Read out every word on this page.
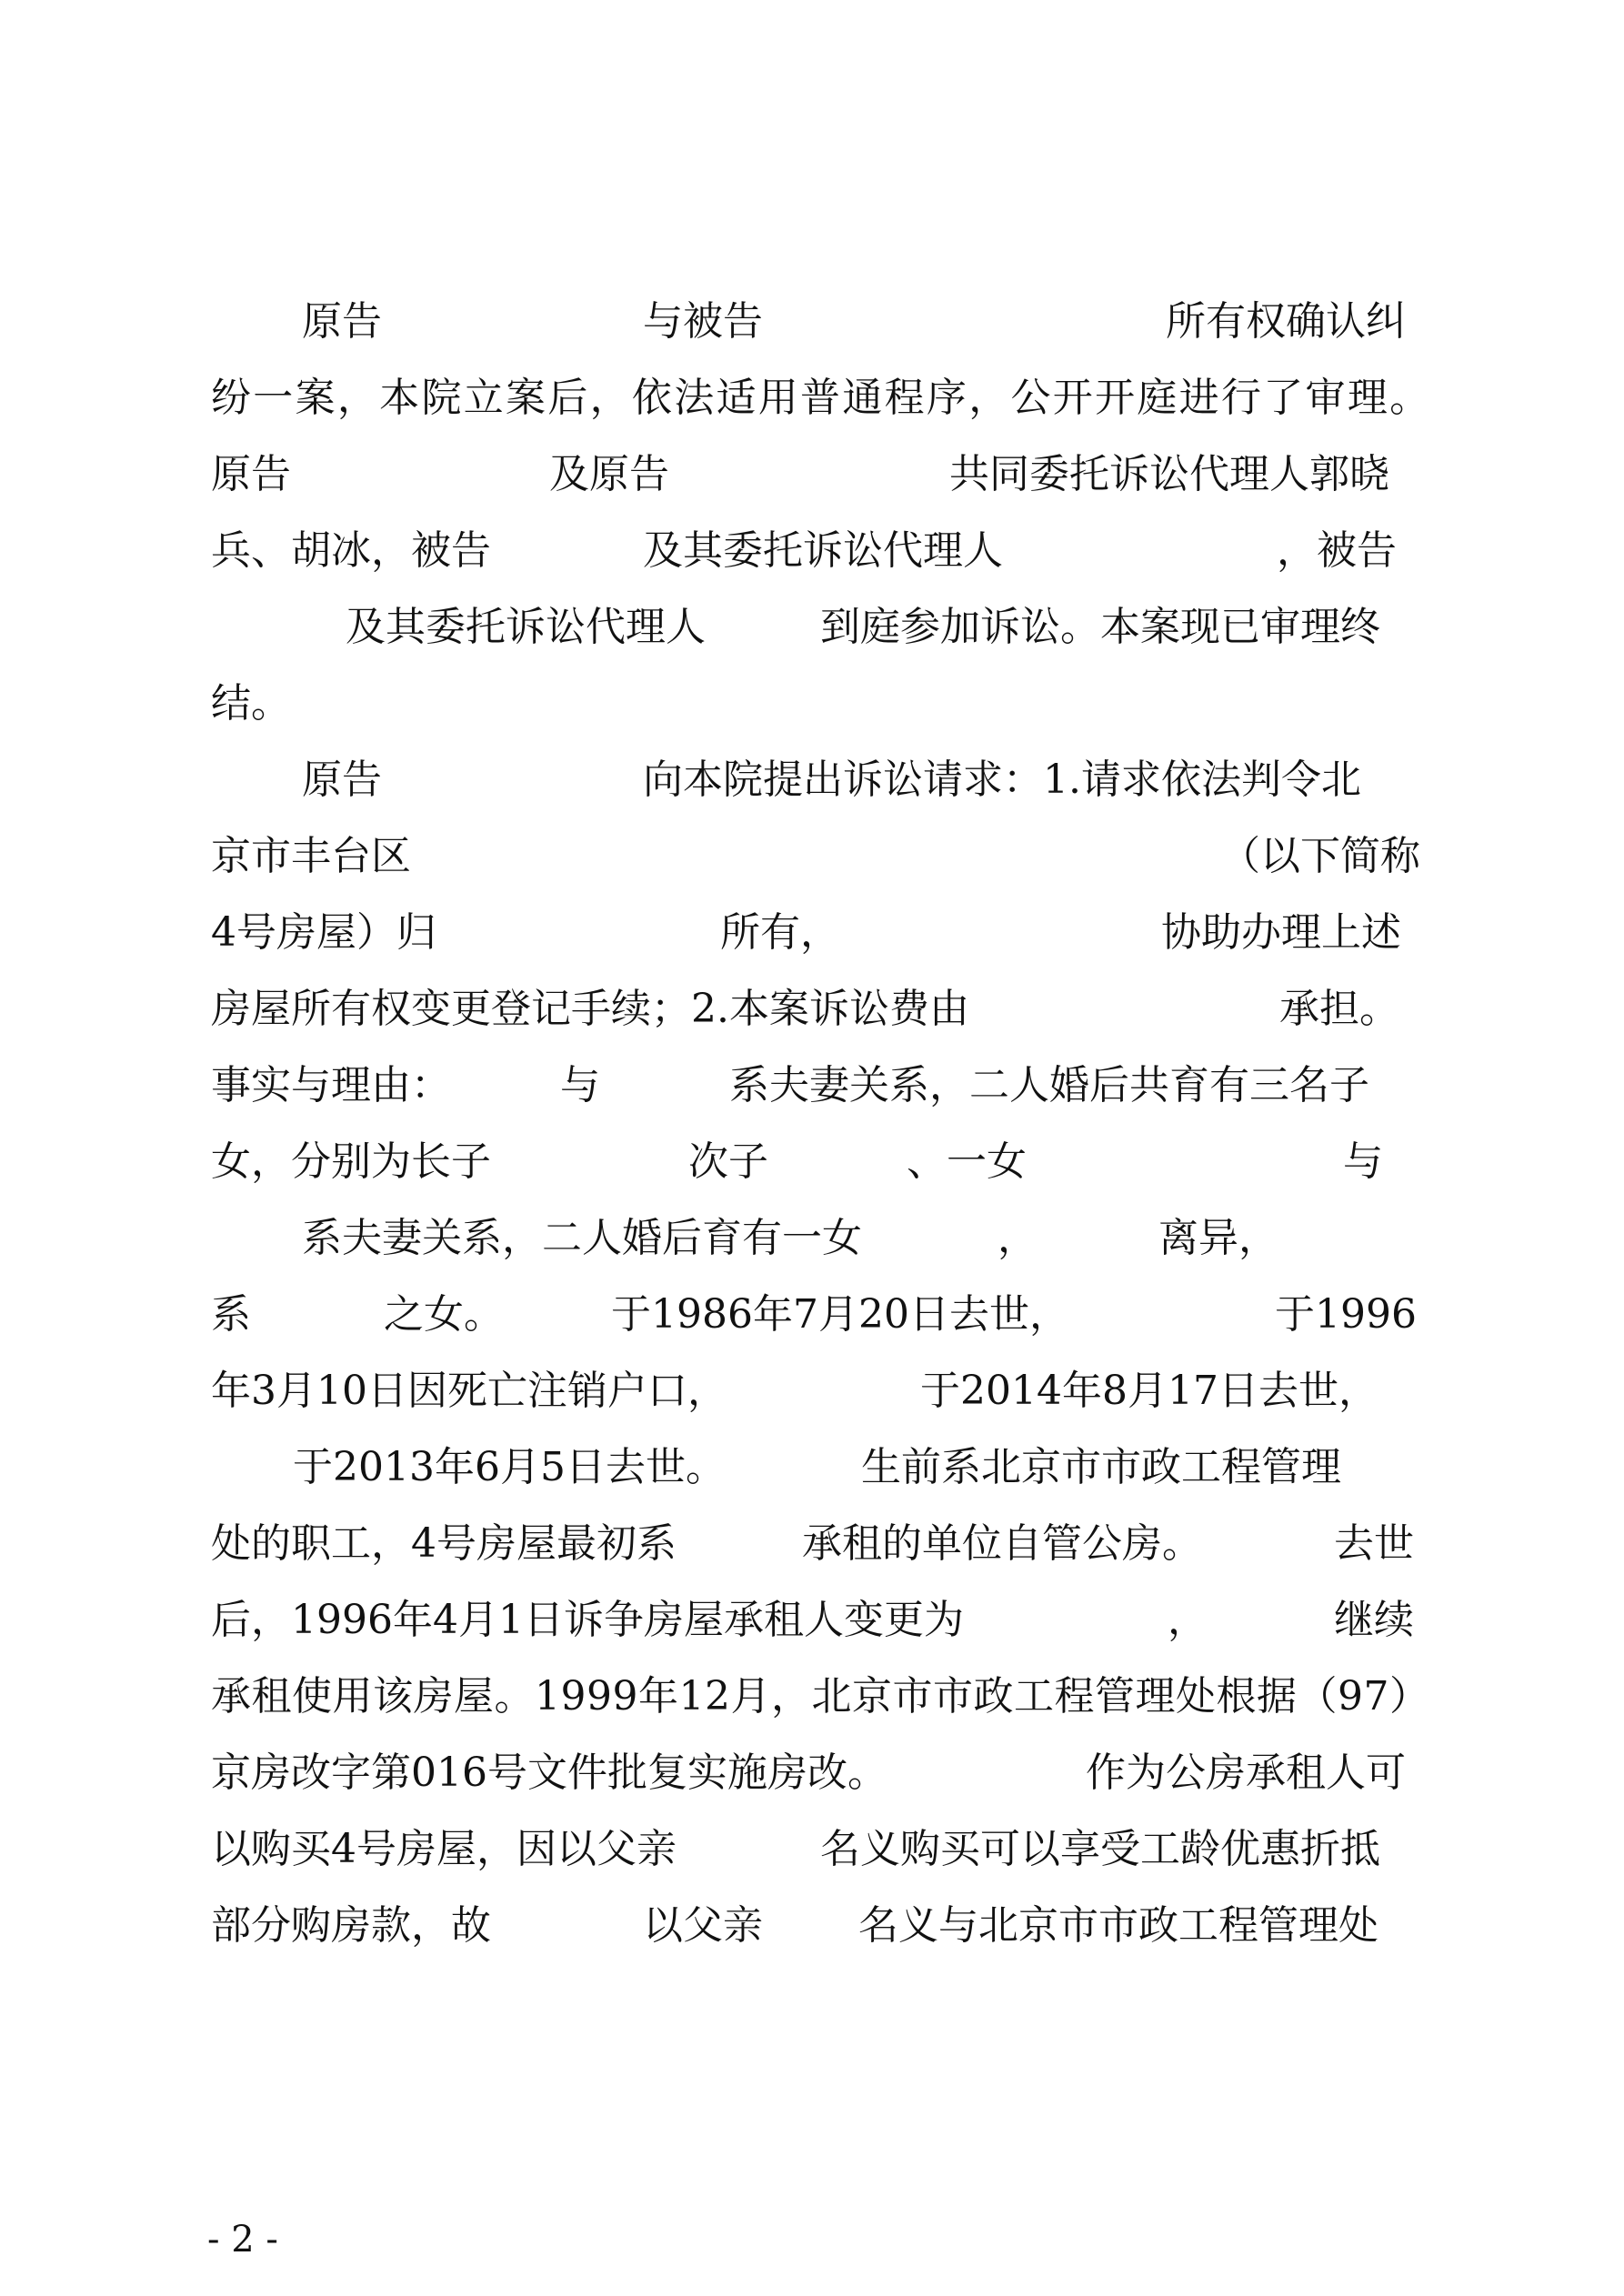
原告	与被告	所有权确认纠
纷一案，本院立案后，依法适用普通程序，公开开庭进行了审理。
原告	及原告	共同委托诉讼代理人郭晓
兵、胡冰，被告	及其委托诉讼代理人	，被告
及其委托诉讼代理人	到庭参加诉讼。本案现已审理终
结。
原告	向本院提出诉讼请求：1.请求依法判令北
京市丰台区	（以下简称
4号房屋）归	所有，	协助办理上述
房屋所有权变更登记手续；2.本案诉讼费由	承担。
事实与理由：	与	系夫妻关系，二人婚后共育有三名子
女，分别为长子	次子	、一女	与
系夫妻关系，二人婚后育有一女	，	离异，
系	之女。	于1986年7月20日去世，	于1996
年3月10日因死亡注销户口，	于2014年8月17日去世，
于2013年6月5日去世。	生前系北京市市政工程管理
处的职工，4号房屋最初系	承租的单位自管公房。	去世
后，1996年4月1日诉争房屋承租人变更为	，	继续
承租使用该房屋。1999年12月，北京市市政工程管理处根据（97）
京房改字第016号文件批复实施房改。	作为公房承租人可
以购买4号房屋，因以父亲	名义购买可以享受工龄优惠折抵
部分购房款，故	以父亲 名义与北京市市政工程管理处
- 2 -
